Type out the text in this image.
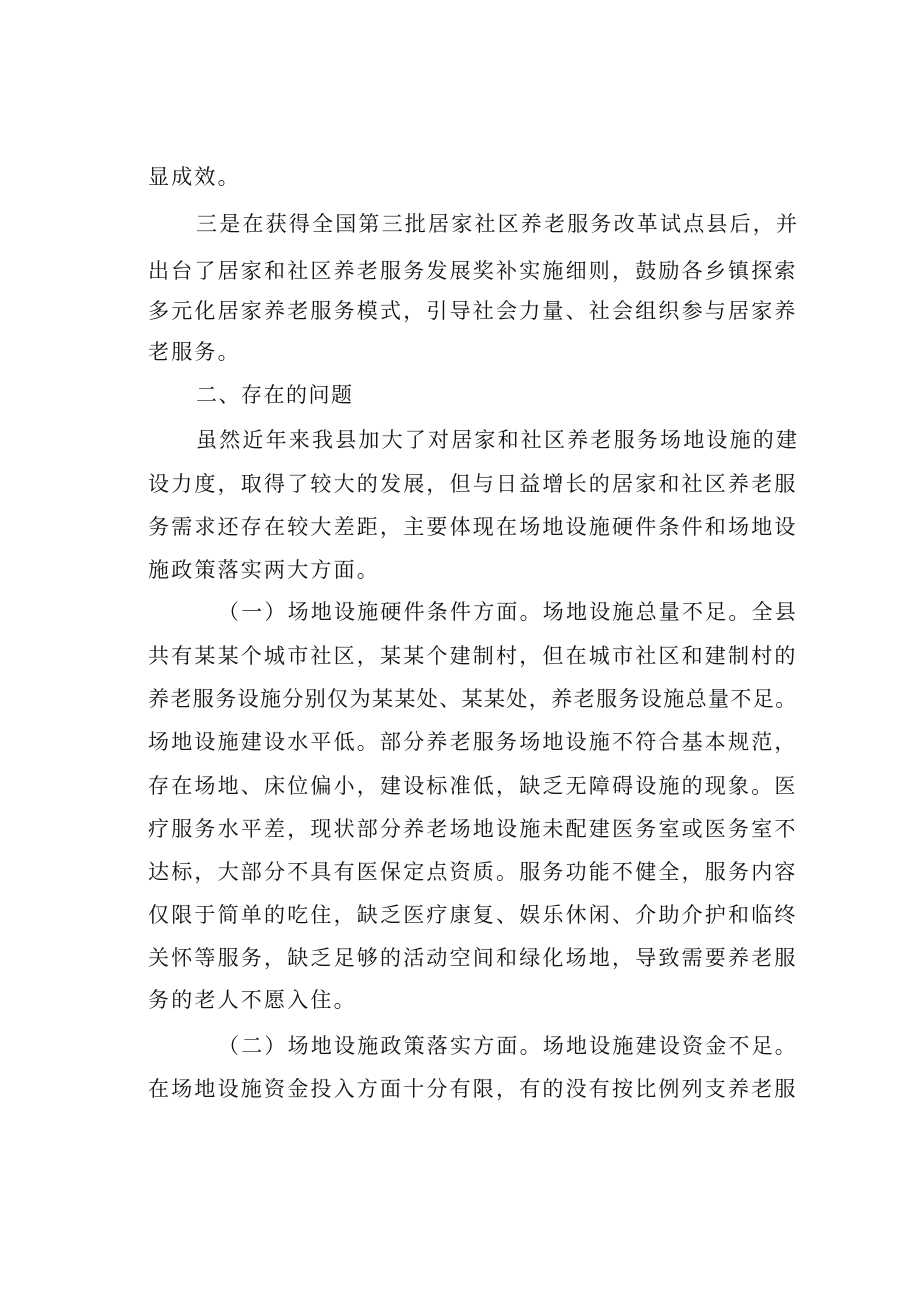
显成效。
三是在获得全国第三批居家社区养老服务改革试点县后，并
出台了居家和社区养老服务发展奖补实施细则，鼓励各乡镇探索
多元化居家养老服务模式，引导社会力量、社会组织参与居家养
老服务。
二、存在的问题
虽然近年来我县加大了对居家和社区养老服务场地设施的建
设力度，取得了较大的发展，但与日益增长的居家和社区养老服
务需求还存在较大差距，主要体现在场地设施硬件条件和场地设
施政策落实两大方面。
（一）场地设施硬件条件方面。场地设施总量不足。全县
共有某某个城市社区，某某个建制村，但在城市社区和建制村的
养老服务设施分别仅为某某处、某某处，养老服务设施总量不足。
场地设施建设水平低。部分养老服务场地设施不符合基本规范，
存在场地、床位偏小，建设标准低，缺乏无障碍设施的现象。医
疗服务水平差，现状部分养老场地设施未配建医务室或医务室不
达标，大部分不具有医保定点资质。服务功能不健全，服务内容
仅限于简单的吃住，缺乏医疗康复、娱乐休闲、介助介护和临终
关怀等服务，缺乏足够的活动空间和绿化场地，导致需要养老服
务的老人不愿入住。
（二）场地设施政策落实方面。场地设施建设资金不足。
在场地设施资金投入方面十分有限，有的没有按比例列支养老服
